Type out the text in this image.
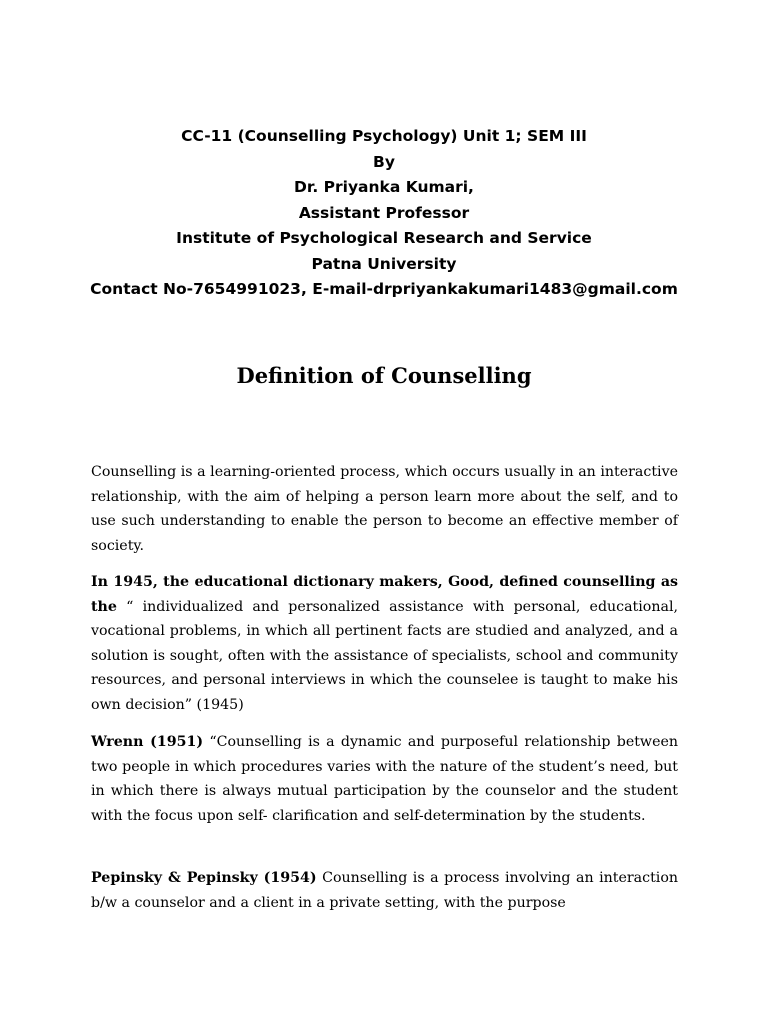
CC-11 (Counselling Psychology) Unit 1; SEM III
By
Dr. Priyanka Kumari,
Assistant Professor
Institute of Psychological Research and Service
Patna University
Contact No-7654991023, E-mail-drpriyankakumari1483@gmail.com
Definition of Counselling

Counselling is a learning-oriented process, which occurs usually in an interactive relationship, with the aim of helping a person learn more about the self, and to use such understanding to enable the person to become an effective member of society.

In 1945, the educational dictionary makers, Good, defined counselling as the “ individualized and personalized assistance with personal, educational, vocational problems, in which all pertinent facts are studied and analyzed, and a solution is sought, often with the assistance of specialists, school and community resources, and personal interviews in which the counselee is taught to make his own decision” (1945)

Wrenn (1951) “Counselling is a dynamic and purposeful relationship between two people in which procedures varies with the nature of the student’s need, but in which there is always mutual participation by the counselor and the student with the focus upon self- clarification and self-determination by the students.

Pepinsky & Pepinsky (1954) Counselling is a process involving an interaction b/w a counselor and a client in a private setting, with the purpose
